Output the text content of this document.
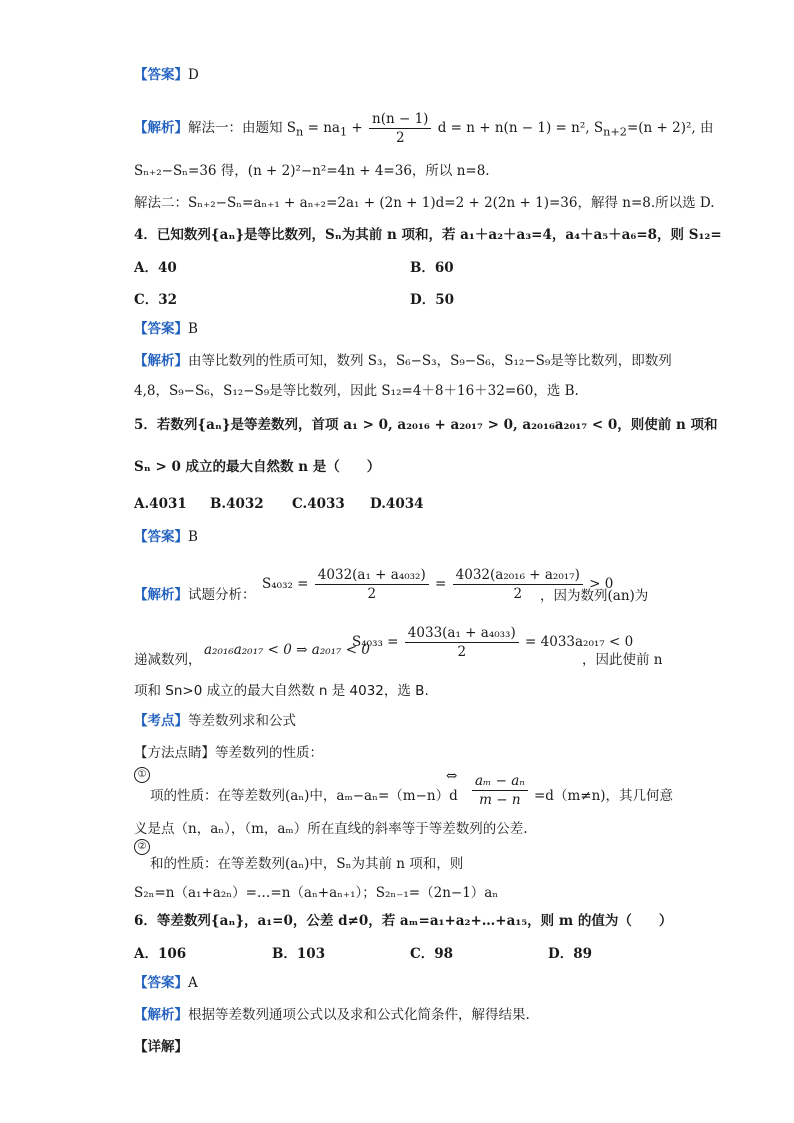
【答案】D
【解析】解法一：由题知 $S_n = na_1 + \frac{n(n - 1)}{2}$ d = n + n(n − 1) = n², $S_{n+2}=(n + 2)^2$, 由
Sₙ₊₂−Sₙ=36 得，(n + 2)²−n²=4n + 4=36，所以 n=8.
解法二：Sₙ₊₂−Sₙ=aₙ₊₁ + aₙ₊₂=2a₁ + (2n + 1)d=2 + 2(2n + 1)=36，解得 n=8.所以选 D.
4．已知数列{aₙ}是等比数列，Sₙ为其前 n 项和，若 a₁＋a₂＋a₃=4，a₄＋a₅＋a₆=8，则 S₁₂=
A．40	B．60
C．32	D．50
【答案】B
【解析】由等比数列的性质可知，数列 S₃，S₆−S₃，S₉−S₆，S₁₂−S₉是等比数列，即数列
4,8，S₉−S₆，S₁₂−S₉是等比数列，因此 S₁₂=4＋8＋16＋32=60，选 B.
5．若数列{aₙ}是等差数列，首项 a₁ > 0, a₂₀₁₆ + a₂₀₁₇ > 0, a₂₀₁₆a₂₀₁₇ < 0，则使前 n 项和
Sₙ > 0 成立的最大自然数 n 是（　　）
A.4031 B.4032 C.4033 D.4034
【答案】B
【解析】试题分析：
$S_{4032} = \frac{\text{4032(a₁ + a₄₀₃₂)}}{2} = \frac{\text{4032(a₂₀₁₆ + a₂₀₁₇)}}{2} > 0$
，因为数列(an)为
递减数列，
a₂₀₁₆a₂₀₁₇ < 0 ⇒ a₂₀₁₇ < 0
$S_{4033} = \frac{\text{4033(a₁ + a₄₀₃₃)}}{2} = 4033a_{2017} < 0$
，因此使前 n
项和 Sn>0 成立的最大自然数 n 是 4032，选 B.
【考点】等差数列求和公式
【方法点睛】等差数列的性质：
①
项的性质：在等差数列(aₙ)中，aₘ−aₙ=（m−n）d
⇔ $\frac{\text{aₘ − aₙ}}{m - n} =d(m\ne n)$，其几何意
义是点（n，aₙ），（m，aₘ）所在直线的斜率等于等差数列的公差.
②
和的性质：在等差数列(aₙ)中，Sₙ为其前 n 项和，则
S₂ₙ=n（a₁+a₂ₙ）=…=n（aₙ+aₙ₊₁）；S₂ₙ₋₁=（2n−1）aₙ
6．等差数列{aₙ}，a₁=0，公差 d≠0，若 aₘ=a₁+a₂+…+a₁₅，则 m 的值为（　　）
A．106	B．103	C．98	D．89
【答案】A
【解析】根据等差数列通项公式以及求和公式化简条件，解得结果.
【详解】
